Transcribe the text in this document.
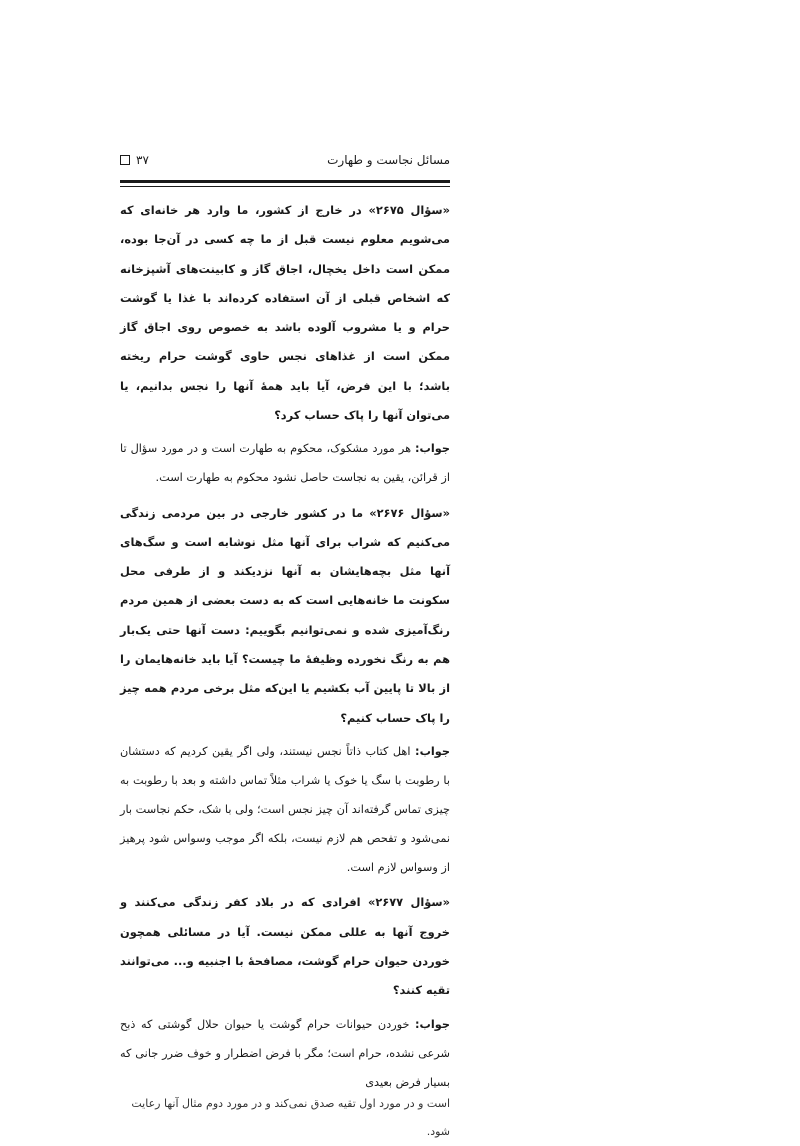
مسائل نجاست و طهارت
۳۷

«سؤال ۲۶۷۵» در خارج از کشور، ما وارد هر خانه‌ای که می‌شویم معلوم نیست قبل از ما چه کسی در آن‌جا بوده، ممکن است داخل یخچال، اجاق گاز و کابینت‌های آشپزخانه که اشخاص قبلی از آن استفاده کرده‌اند با غذا یا گوشت حرام و یا مشروب آلوده باشد به خصوص روی اجاق گاز ممکن است از غذاهای نجس حاوی گوشت حرام ریخته باشد؛ با این فرض، آیا باید همهٔ آنها را نجس بدانیم، یا می‌توان آنها را پاک حساب کرد؟

جواب: هر مورد مشکوک، محکوم به طهارت است و در مورد سؤال تا از قرائن، یقین به نجاست حاصل نشود محکوم به طهارت است.

«سؤال ۲۶۷۶» ما در کشور خارجی در بین مردمی زندگی می‌کنیم که شراب برای آنها مثل نوشابه است و سگ‌های آنها مثل بچه‌هایشان به آنها نزدیکند و از طرفی محل سکونت ما خانه‌هایی است که به دست بعضی از همین مردم رنگ‌آمیزی شده و نمی‌توانیم بگوییم: دست آنها حتی یک‌بار هم به رنگ نخورده وظیفهٔ ما چیست؟ آیا باید خانه‌هایمان را از بالا تا پایین آب بکشیم یا این‌که مثل برخی مردم همه چیز را پاک حساب کنیم؟

جواب: اهل کتاب ذاتاً نجس نیستند، ولی اگر یقین کردیم که دستشان با رطوبت با سگ یا خوک یا شراب مثلاً تماس داشته و بعد با رطوبت به چیزی تماس گرفته‌اند آن چیز نجس است؛ ولی با شک، حکم نجاست بار نمی‌شود و تفحص هم لازم نیست، بلکه اگر موجب وسواس شود پرهیز از وسواس لازم است.

«سؤال ۲۶۷۷» افرادی که در بلاد کفر زندگی می‌کنند و خروج آنها به عللی ممکن نیست. آیا در مسائلی همچون خوردن حیوان حرام گوشت، مصافحهٔ با اجنبیه و... می‌توانند تقیه کنند؟

جواب: خوردن حیوانات حرام گوشت یا حیوان حلال گوشتی که ذبح شرعی نشده، حرام است؛ مگر با فرض اضطرار و خوف ضرر جانی که بسیار فرض بعیدی

است و در مورد اول تقیه صدق نمی‌کند و در مورد دوم مثال آنها رعایت شود.
